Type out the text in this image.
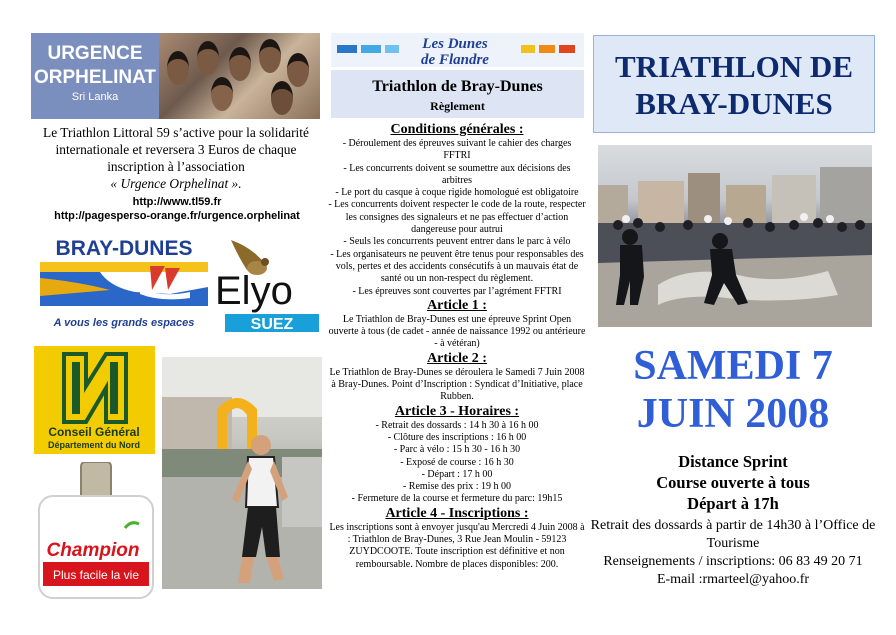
URGENCE
ORPHELINAT
Sri Lanka
Le Triathlon Littoral 59 s’active pour la solidarité internationale et reversera 3 Euros de chaque inscription à l’association
« Urgence Orphelinat ».
http://www.tl59.fr
http://pagesperso-orange.fr/urgence.orphelinat
BRAY-DUNES
A vous les grands espaces
Elyo
SUEZ
Conseil Général
Département du Nord
Champion
Plus facile la vie
Les Dunes
de Flandre
Triathlon de Bray-Dunes
Règlement
Conditions générales :

- Déroulement des épreuves suivant le cahier des charges FFTRI

- Les concurrents doivent se soumettre aux décisions des arbitres

- Le port du casque à coque rigide homologué est obligatoire

- Les concurrents doivent respecter le code de la route, respecter les consignes des signaleurs et ne pas effectuer d’action dangereuse pour autrui

- Seuls les concurrents peuvent entrer dans le parc à vélo

- Les organisateurs ne peuvent être tenus pour responsables des vols, pertes et des accidents consécutifs à un mauvais état de santé ou un non-respect du règlement.

- Les épreuves sont couvertes par l’agrément FFTRI

Article 1 :

Le Triathlon de Bray-Dunes est une épreuve Sprint Open ouverte à tous (de cadet - année de naissance 1992 ou antérieure - à vétéran)

Article 2 :

Le Triathlon de Bray-Dunes se déroulera le Samedi 7 Juin 2008 à Bray-Dunes. Point d’Inscription : Syndicat d’Initiative, place Rubben.

Article 3 - Horaires :

- Retrait des dossards : 14 h 30 à 16 h 00

- Clôture des inscriptions : 16 h 00

- Parc à vélo : 15 h 30 - 16 h 30

- Exposé de course : 16 h 30

- Départ : 17 h 00

- Remise des prix : 19 h 00

- Fermeture de la course et fermeture du parc: 19h15

Article 4 - Inscriptions :

Les inscriptions sont à envoyer jusqu'au Mercredi 4 Juin 2008 à : Triathlon de Bray-Dunes, 3 Rue Jean Moulin - 59123 ZUYDCOOTE. Toute inscription est définitive et non remboursable. Nombre de places disponibles: 200.

TRIATHLON DE
BRAY-DUNES
SAMEDI 7
JUIN 2008
Distance Sprint
Course ouverte à tous
Départ à 17h
Retrait des dossards à partir de 14h30 à l’Office de Tourisme
Renseignements / inscriptions: 06 83 49 20 71
E-mail :rmarteel@yahoo.fr
